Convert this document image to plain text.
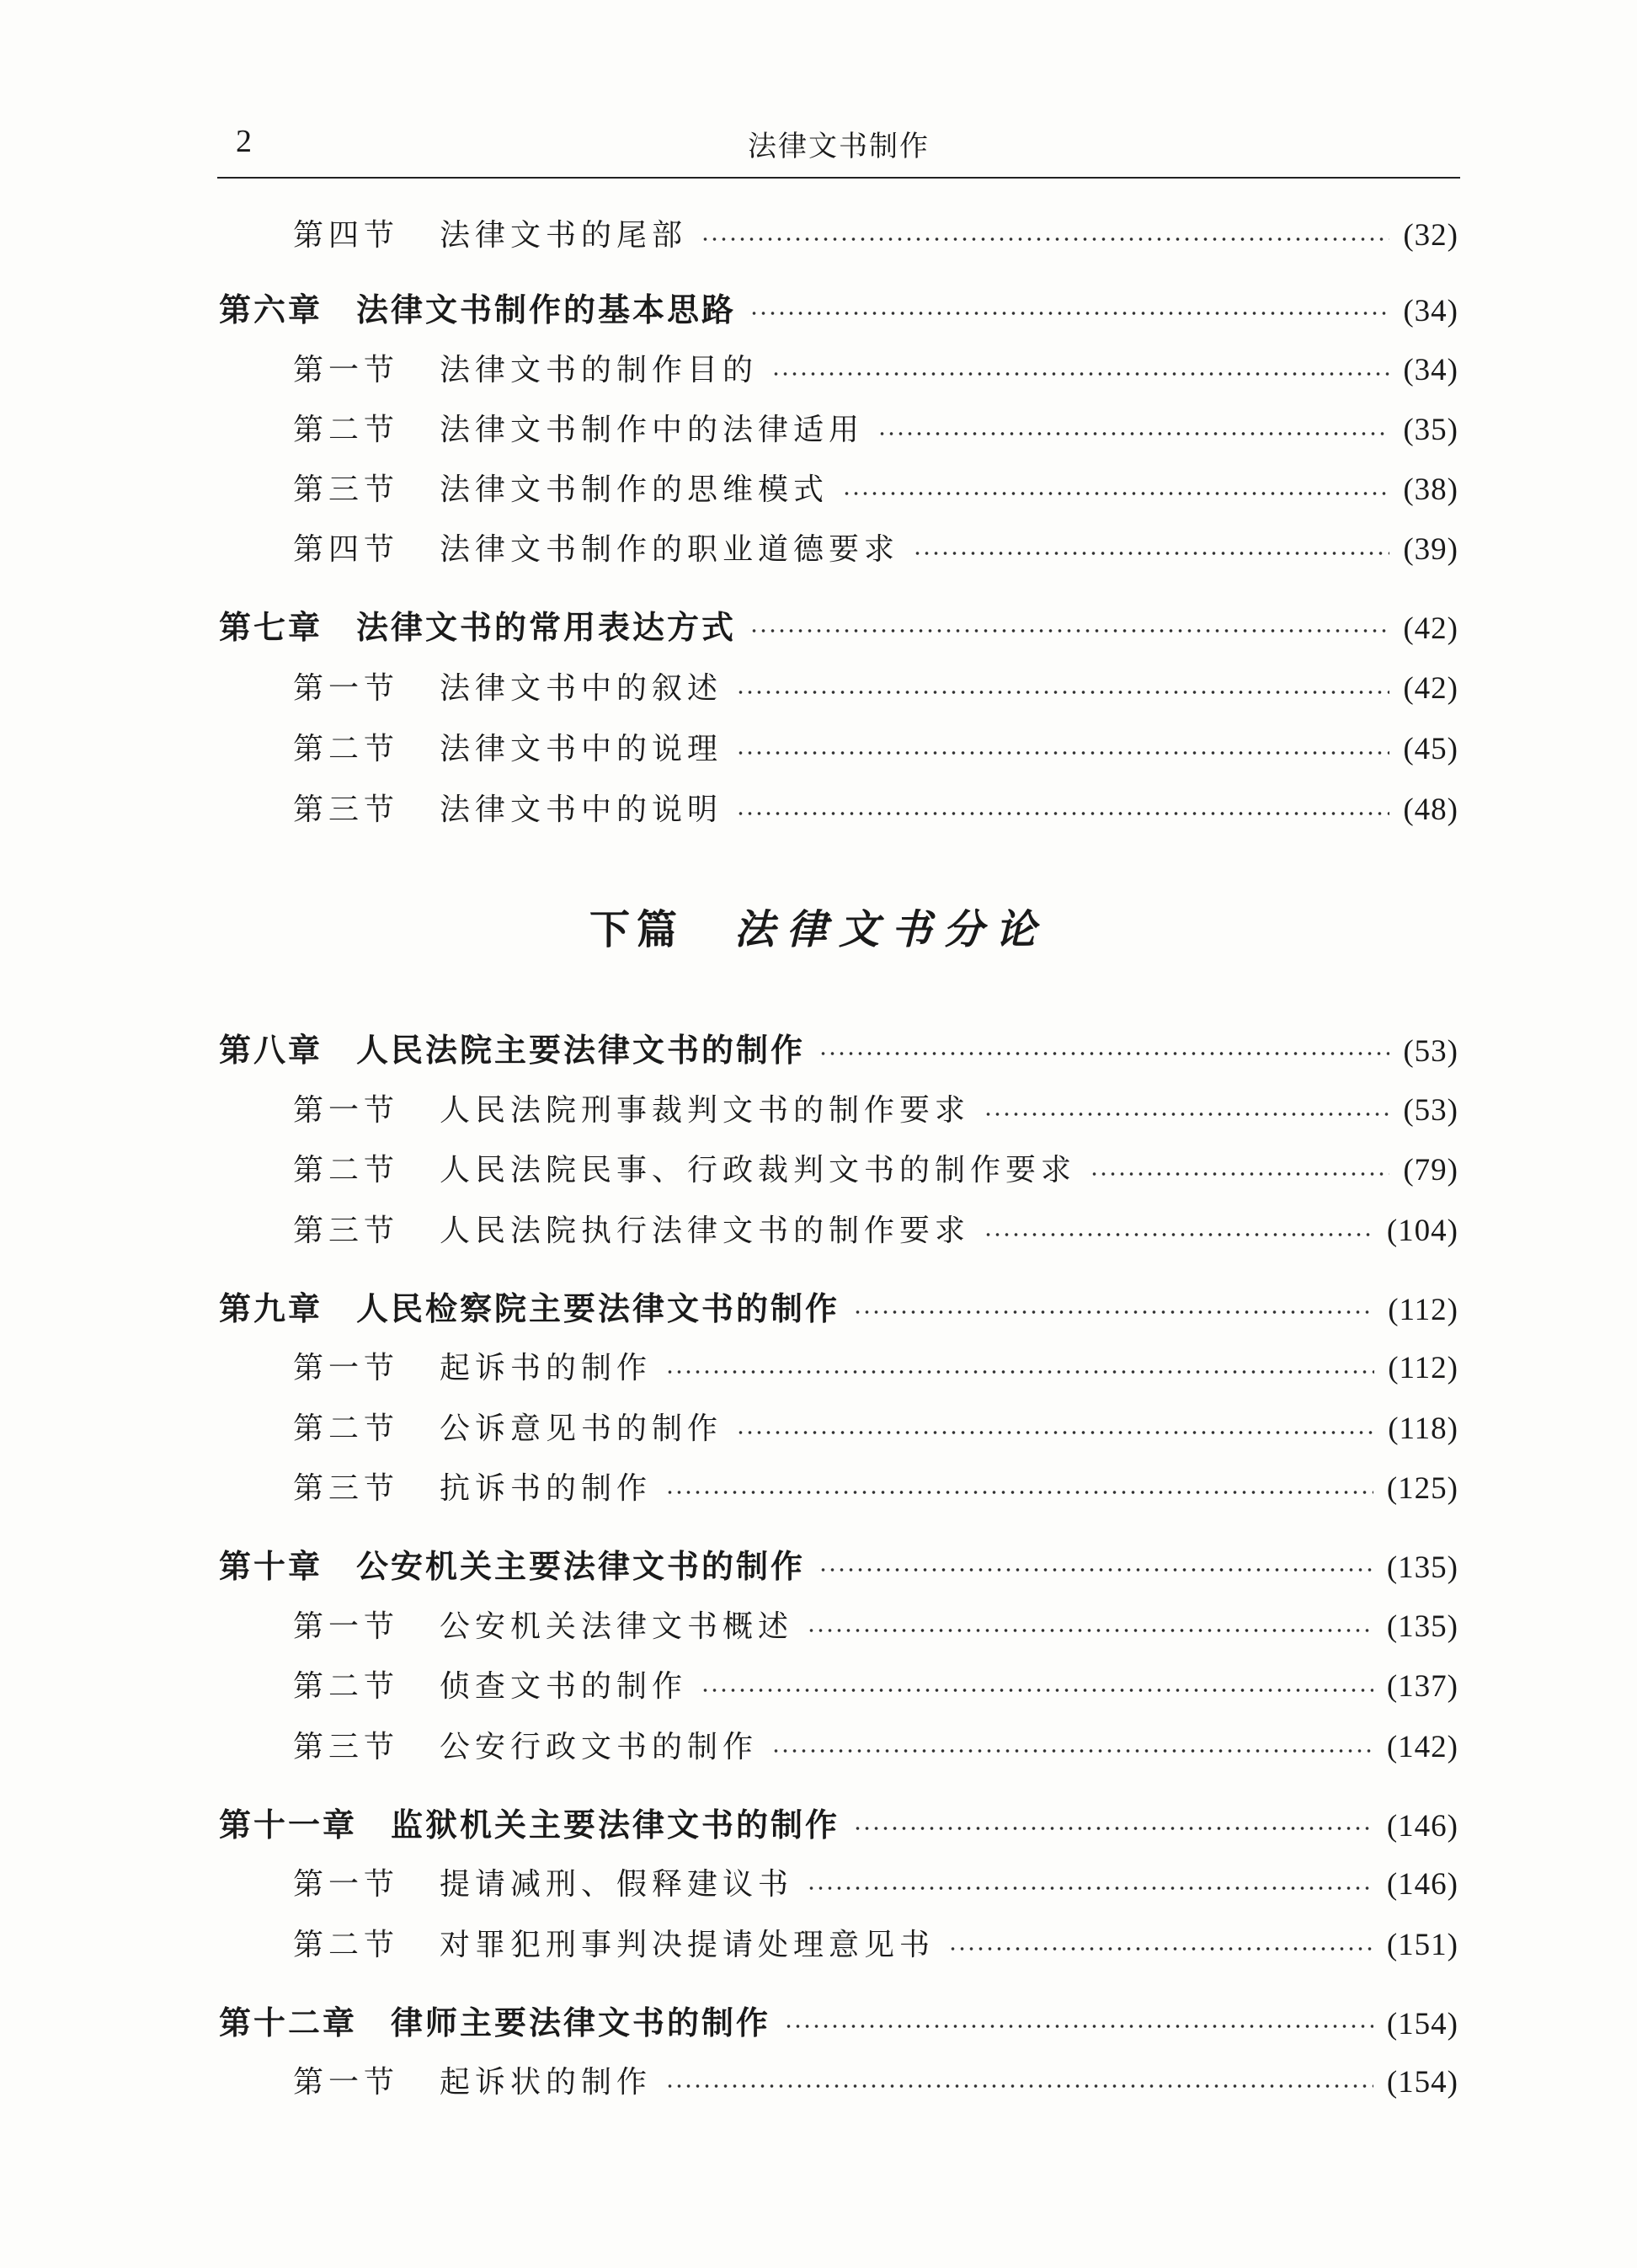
2	法律文书制作
下篇 法律文书分论
第四节 法律文书的尾部	(32)
第六章 法律文书制作的基本思路	(34)
第一节 法律文书的制作目的	(34)
第二节 法律文书制作中的法律适用	(35)
第三节 法律文书制作的思维模式	(38)
第四节 法律文书制作的职业道德要求	(39)
第七章 法律文书的常用表达方式	(42)
第一节 法律文书中的叙述	(42)
第二节 法律文书中的说理	(45)
第三节 法律文书中的说明	(48)
第八章 人民法院主要法律文书的制作	(53)
第一节 人民法院刑事裁判文书的制作要求	(53)
第二节 人民法院民事、行政裁判文书的制作要求	(79)
第三节 人民法院执行法律文书的制作要求	(104)
第九章 人民检察院主要法律文书的制作	(112)
第一节 起诉书的制作	(112)
第二节 公诉意见书的制作	(118)
第三节 抗诉书的制作	(125)
第十章 公安机关主要法律文书的制作	(135)
第一节 公安机关法律文书概述	(135)
第二节 侦查文书的制作	(137)
第三节 公安行政文书的制作	(142)
第十一章 监狱机关主要法律文书的制作	(146)
第一节 提请减刑、假释建议书	(146)
第二节 对罪犯刑事判决提请处理意见书	(151)
第十二章 律师主要法律文书的制作	(154)
第一节 起诉状的制作	(154)
